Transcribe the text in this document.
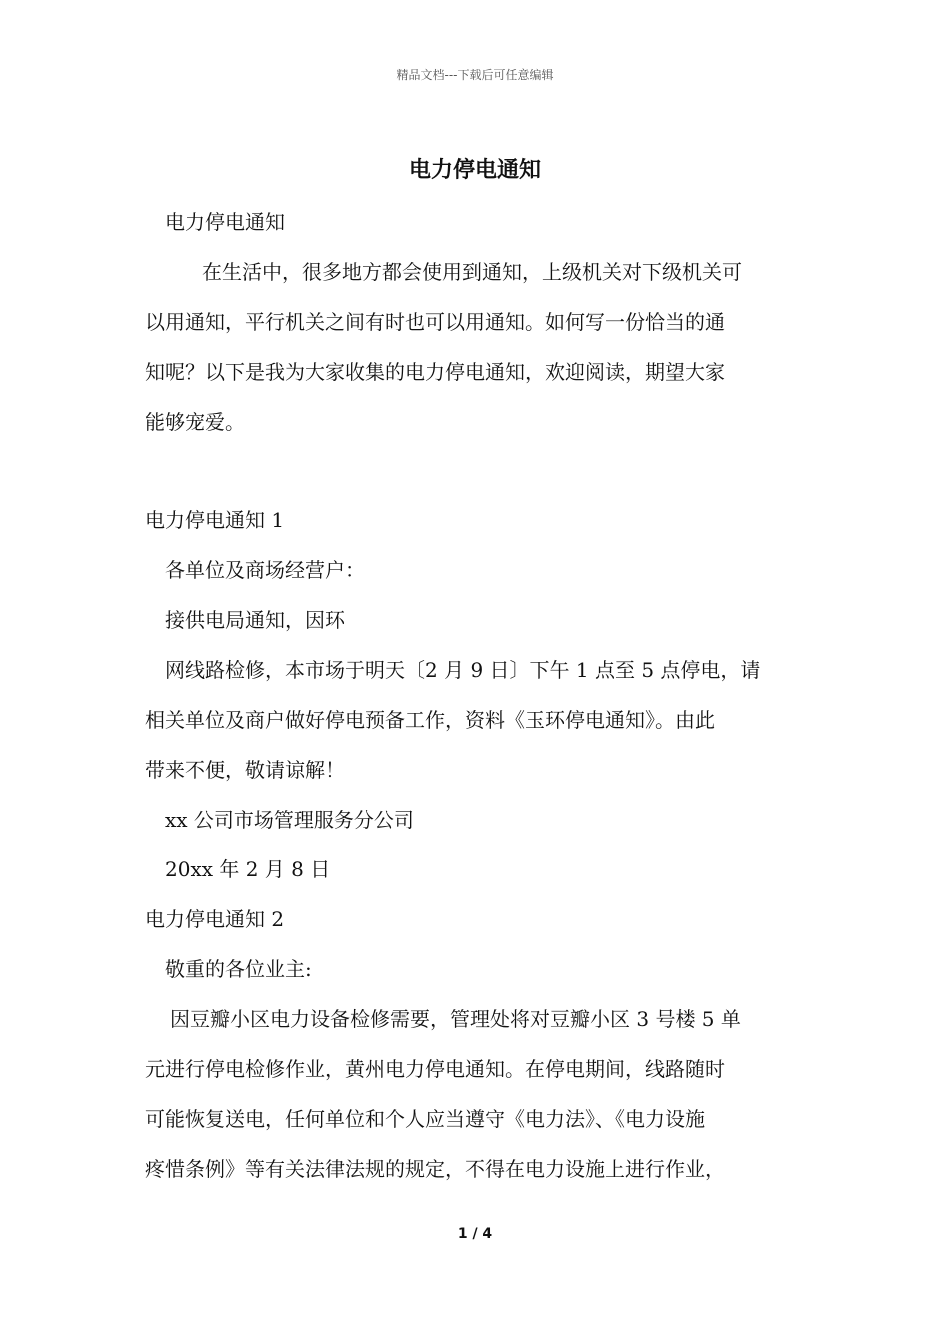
精品文档---下载后可任意编辑
电力停电通知
电力停电通知
在生活中，很多地方都会使用到通知，上级机关对下级机关可
以用通知，平行机关之间有时也可以用通知。如何写一份恰当的通
知呢？以下是我为大家收集的电力停电通知，欢迎阅读，期望大家
能够宠爱。
电力停电通知 1
各单位及商场经营户：
接供电局通知，因环
网线路检修，本市场于明天〔2 月 9 日〕下午 1 点至 5 点停电，请
相关单位及商户做好停电预备工作，资料《玉环停电通知》。由此
带来不便，敬请谅解！
xx 公司市场管理服务分公司
20xx 年 2 月 8 日
电力停电通知 2
敬重的各位业主:
因豆瓣小区电力设备检修需要，管理处将对豆瓣小区 3 号楼 5 单
元进行停电检修作业，黄州电力停电通知。在停电期间，线路随时
可能恢复送电，任何单位和个人应当遵守《电力法》、《电力设施
疼惜条例》等有关法律法规的规定，不得在电力设施上进行作业，
1 / 4
